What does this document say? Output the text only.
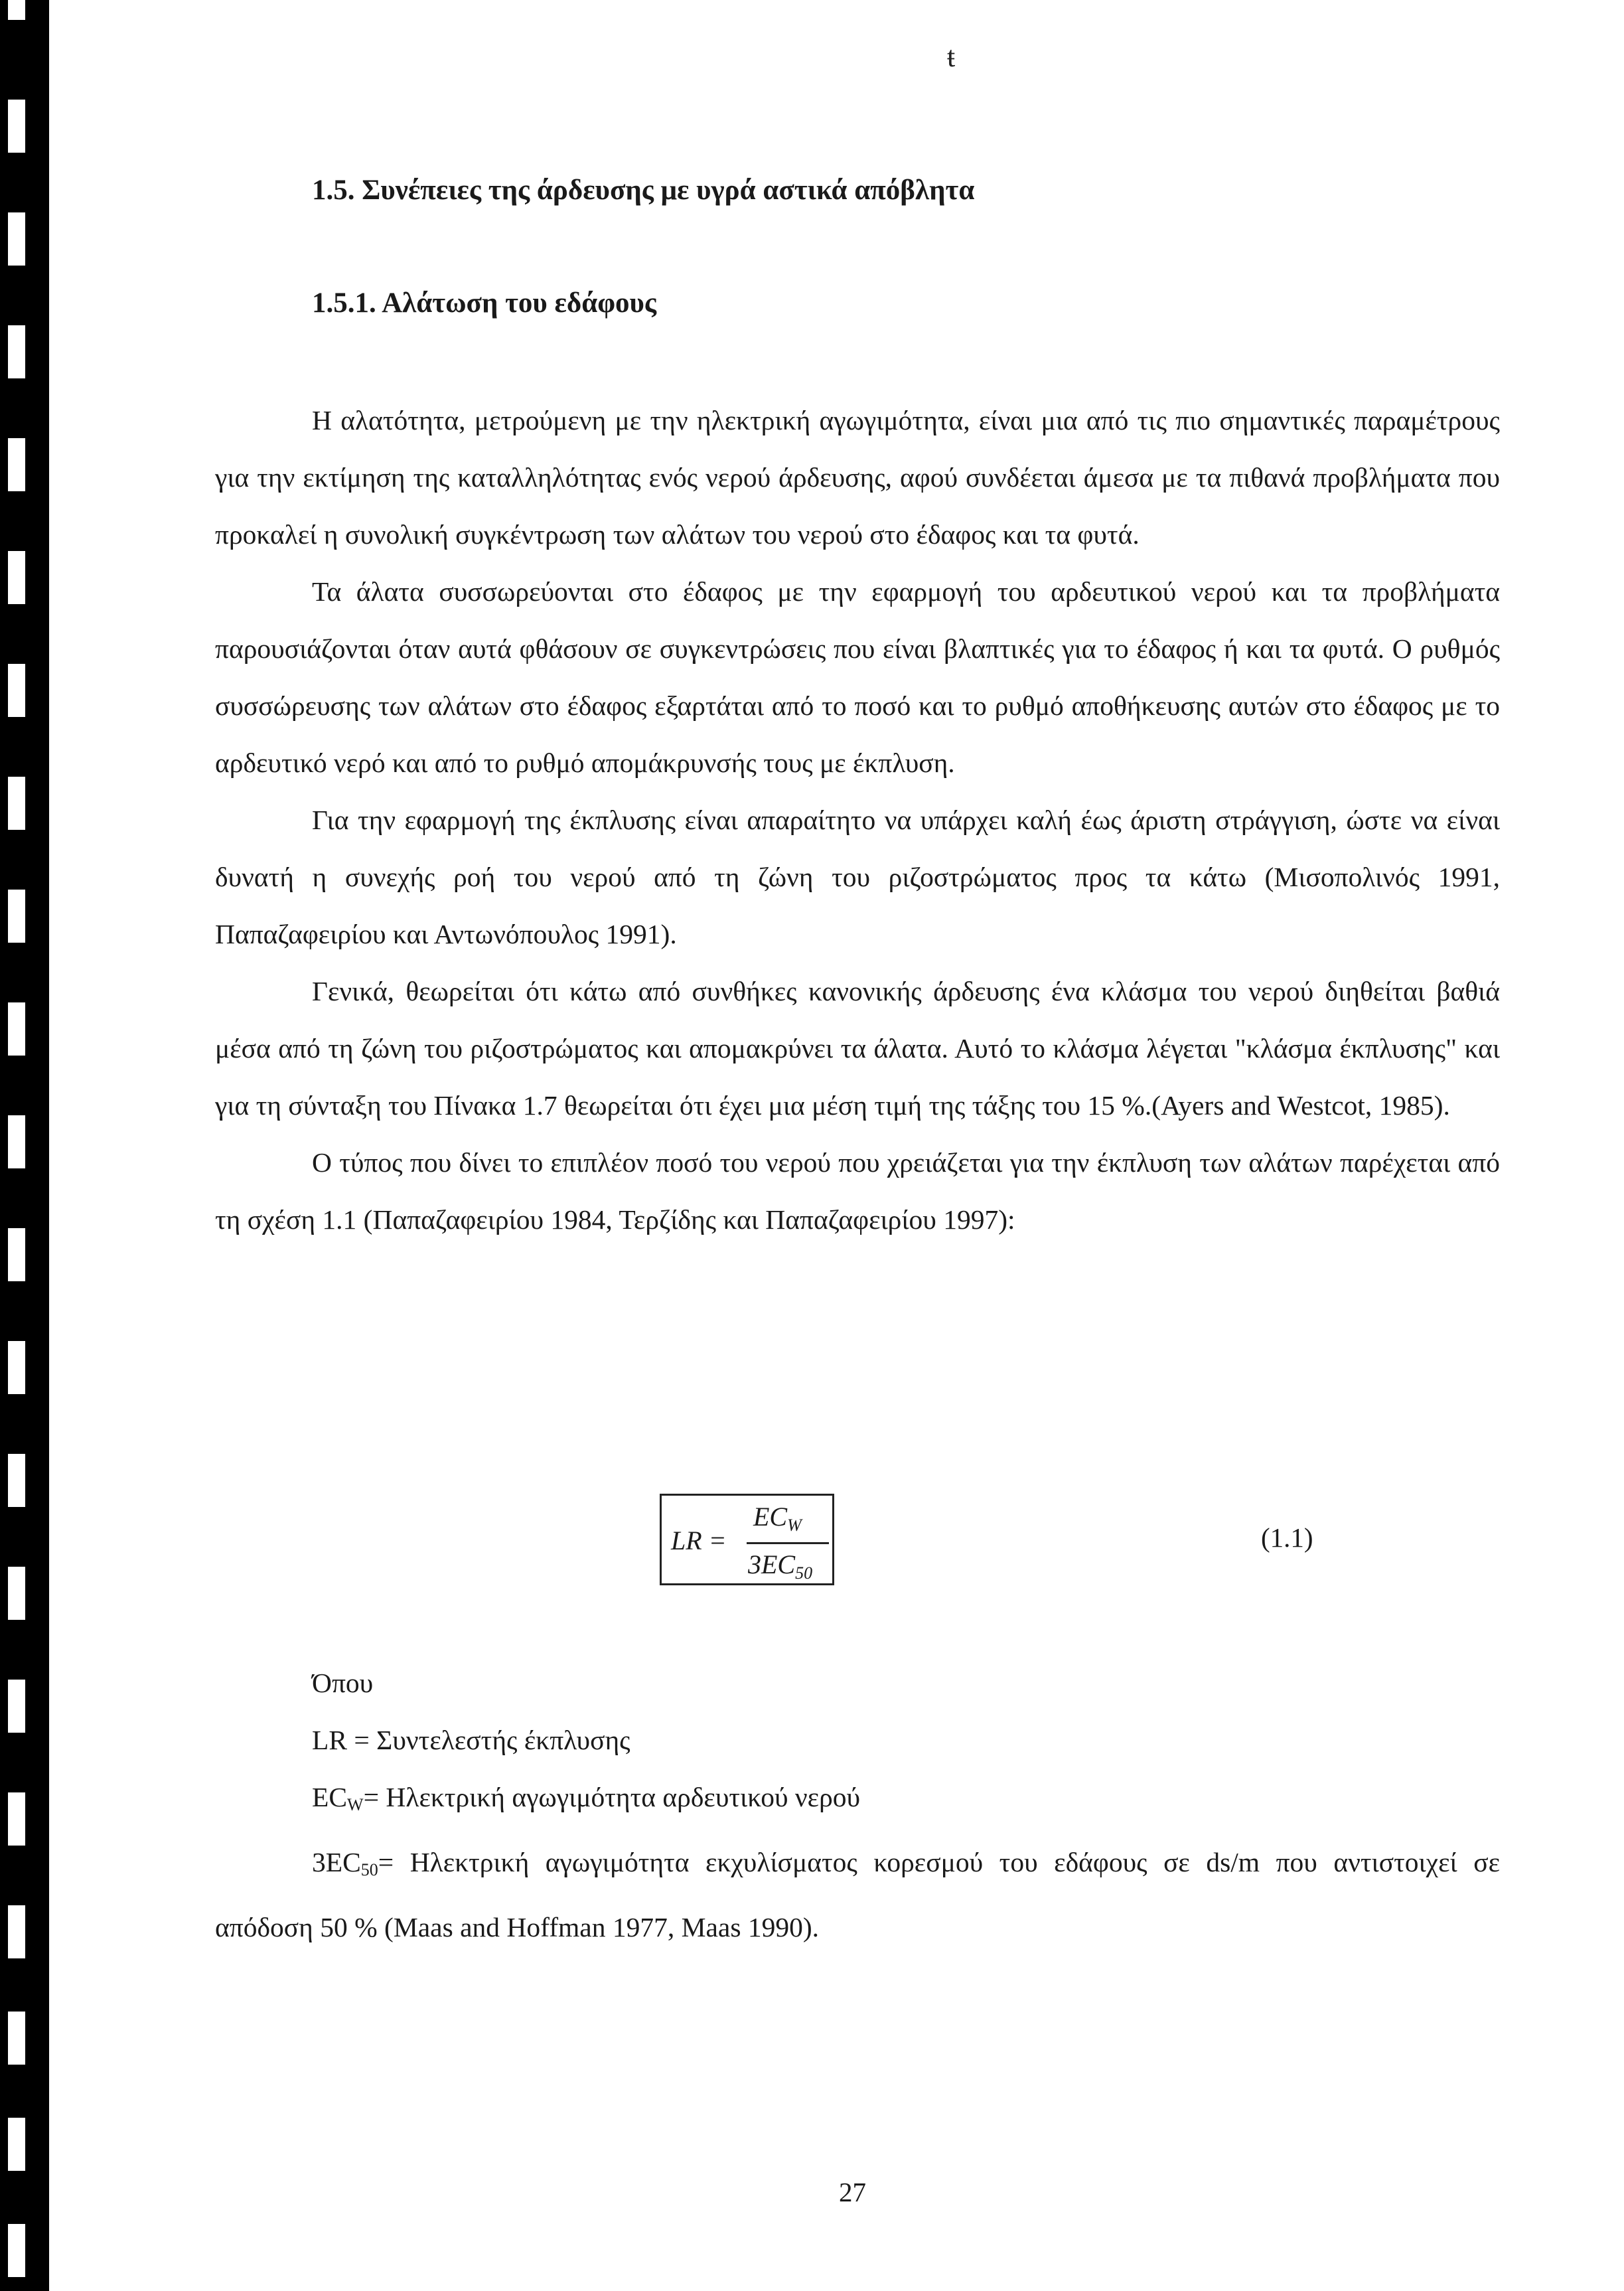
ŧ
1.5. Συνέπειες της άρδευσης με υγρά αστικά απόβλητα
1.5.1. Αλάτωση του εδάφους

Η αλατότητα, μετρούμενη με την ηλεκτρική αγωγιμότητα, είναι μια από τις πιο σημαντικές παραμέτρους για την εκτίμηση της καταλληλότητας ενός νερού άρδευσης, αφού συνδέεται άμεσα με τα πιθανά προβλήματα που προκαλεί η συνολική συγκέντρωση των αλάτων του νερού στο έδαφος και τα φυτά.

Τα άλατα συσσωρεύονται στο έδαφος με την εφαρμογή του αρδευτικού νερού και τα προβλήματα παρουσιάζονται όταν αυτά φθάσουν σε συγκεντρώσεις που είναι βλαπτικές για το έδαφος ή και τα φυτά. Ο ρυθμός συσσώρευσης των αλάτων στο έδαφος εξαρτάται από το ποσό και το ρυθμό αποθήκευσης αυτών στο έδαφος με το αρδευτικό νερό και από το ρυθμό απομάκρυνσής τους με έκπλυση.

Για την εφαρμογή της έκπλυσης είναι απαραίτητο να υπάρχει καλή έως άριστη στράγγιση, ώστε να είναι δυνατή η συνεχής ροή του νερού από τη ζώνη του ριζοστρώματος προς τα κάτω (Μισοπολινός 1991, Παπαζαφειρίου και Αντωνόπουλος 1991).

Γενικά, θεωρείται ότι κάτω από συνθήκες κανονικής άρδευσης ένα κλάσμα του νερού διηθείται βαθιά μέσα από τη ζώνη του ριζοστρώματος και απομακρύνει τα άλατα. Αυτό το κλάσμα λέγεται "κλάσμα έκπλυσης" και για τη σύνταξη του Πίνακα 1.7 θεωρείται ότι έχει μια μέση τιμή της τάξης του 15 %.(Ayers and Westcot, 1985).

Ο τύπος που δίνει το επιπλέον ποσό του νερού που χρειάζεται για την έκπλυση των αλάτων παρέχεται από τη σχέση 1.1 (Παπαζαφειρίου 1984, Τερζίδης και Παπαζαφειρίου 1997):

LR =
$EC_W$
$3EC_{50}$
(1.1)
Όπου
LR = Συντελεστής έκπλυσης
$EC_W= H\lambda\varepsilon\kappa\tau\rho\iota\kappa ή$ αγωγιμότητα αρδευτικού νερού
$3EC_{50}= H\lambda\varepsilon\kappa\tau\rho\iota\kappa ή$ αγωγιμότητα εκχυλίσματος κορεσμού του εδάφους σε ds/m που αντιστοιχεί σε απόδοση 50 % (Maas and Hoffman 1977, Maas 1990).
27
